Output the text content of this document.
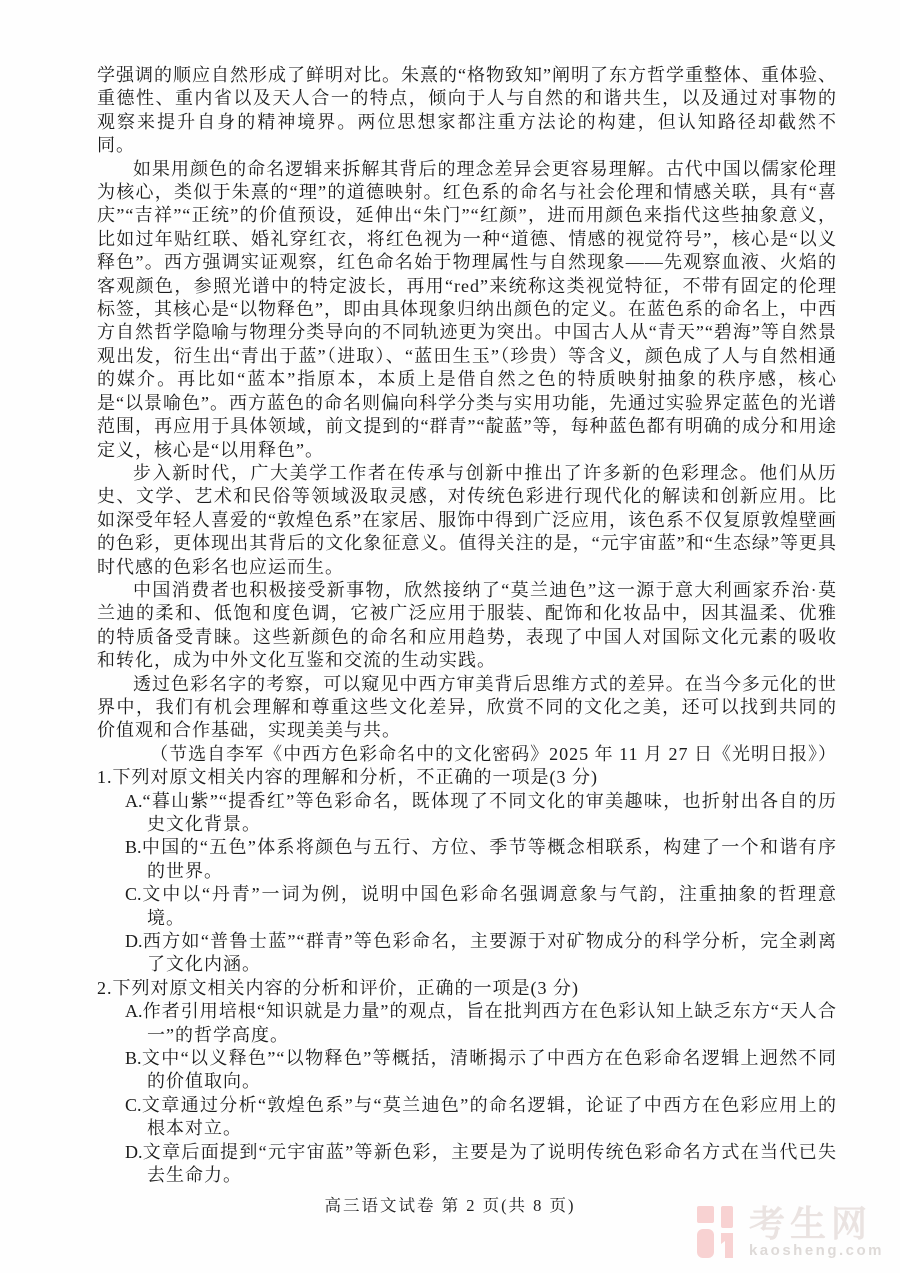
学强调的顺应自然形成了鲜明对比。朱熹的“格物致知”阐明了东方哲学重整体、重体验、重德性、重内省以及天人合一的特点，倾向于人与自然的和谐共生，以及通过对事物的观察来提升自身的精神境界。两位思想家都注重方法论的构建，但认知路径却截然不同。

如果用颜色的命名逻辑来拆解其背后的理念差异会更容易理解。古代中国以儒家伦理为核心，类似于朱熹的“理”的道德映射。红色系的命名与社会伦理和情感关联，具有“喜庆”“吉祥”“正统”的价值预设，延伸出“朱门”“红颜”，进而用颜色来指代这些抽象意义，比如过年贴红联、婚礼穿红衣，将红色视为一种“道德、情感的视觉符号”，核心是“以义释色”。西方强调实证观察，红色命名始于物理属性与自然现象——先观察血液、火焰的客观颜色，参照光谱中的特定波长，再用“red”来统称这类视觉特征，不带有固定的伦理标签，其核心是“以物释色”，即由具体现象归纳出颜色的定义。在蓝色系的命名上，中西方自然哲学隐喻与物理分类导向的不同轨迹更为突出。中国古人从“青天”“碧海”等自然景观出发，衍生出“青出于蓝”（进取）、“蓝田生玉”（珍贵）等含义，颜色成了人与自然相通的媒介。再比如“蓝本”指原本，本质上是借自然之色的特质映射抽象的秩序感，核心是“以景喻色”。西方蓝色的命名则偏向科学分类与实用功能，先通过实验界定蓝色的光谱范围，再应用于具体领域，前文提到的“群青”“靛蓝”等，每种蓝色都有明确的成分和用途定义，核心是“以用释色”。

步入新时代，广大美学工作者在传承与创新中推出了许多新的色彩理念。他们从历史、文学、艺术和民俗等领域汲取灵感，对传统色彩进行现代化的解读和创新应用。比如深受年轻人喜爱的“敦煌色系”在家居、服饰中得到广泛应用，该色系不仅复原敦煌壁画的色彩，更体现出其背后的文化象征意义。值得关注的是，“元宇宙蓝”和“生态绿”等更具时代感的色彩名也应运而生。

中国消费者也积极接受新事物，欣然接纳了“莫兰迪色”这一源于意大利画家乔治·莫兰迪的柔和、低饱和度色调，它被广泛应用于服装、配饰和化妆品中，因其温柔、优雅的特质备受青睐。这些新颜色的命名和应用趋势，表现了中国人对国际文化元素的吸收和转化，成为中外文化互鉴和交流的生动实践。

透过色彩名字的考察，可以窥见中西方审美背后思维方式的差异。在当今多元化的世界中，我们有机会理解和尊重这些文化差异，欣赏不同的文化之美，还可以找到共同的价值观和合作基础，实现美美与共。

（节选自李军《中西方色彩命名中的文化密码》2025 年 11 月 27 日《光明日报》）

1.下列对原文相关内容的理解和分析，不正确的一项是(3 分)

A.“暮山紫”“提香红”等色彩命名，既体现了不同文化的审美趣味，也折射出各自的历史文化背景。

B.中国的“五色”体系将颜色与五行、方位、季节等概念相联系，构建了一个和谐有序的世界。

C.文中以“丹青”一词为例，说明中国色彩命名强调意象与气韵，注重抽象的哲理意境。

D.西方如“普鲁士蓝”“群青”等色彩命名，主要源于对矿物成分的科学分析，完全剥离了文化内涵。

2.下列对原文相关内容的分析和评价，正确的一项是(3 分)

A.作者引用培根“知识就是力量”的观点，旨在批判西方在色彩认知上缺乏东方“天人合一”的哲学高度。

B.文中“以义释色”“以物释色”等概括，清晰揭示了中西方在色彩命名逻辑上迥然不同的价值取向。

C.文章通过分析“敦煌色系”与“莫兰迪色”的命名逻辑，论证了中西方在色彩应用上的根本对立。

D.文章后面提到“元宇宙蓝”等新色彩，主要是为了说明传统色彩命名方式在当代已失去生命力。

高三语文试卷 第 2 页(共 8 页)	考生网
kaosheng.com
